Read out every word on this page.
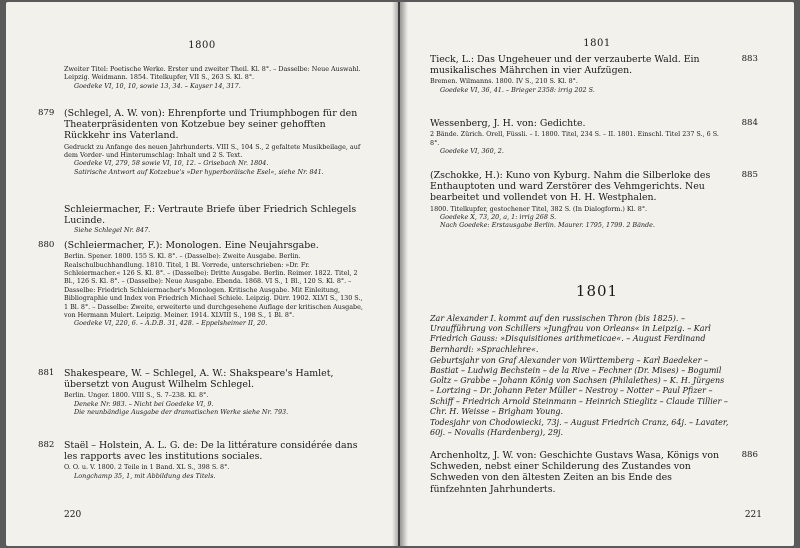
1800

Zweiter Titel: Poetische Werke. Erster und zweiter Theil. Kl. 8°. – Dasselbe: Neue Auswahl. Leipzig. Weidmann. 1854. Titelkupfer, VII S., 263 S. Kl. 8°.

Goedeke VI, 10, 10, sowie 13, 34. – Kayser 14, 317.

879 (Schlegel, A. W. von): Ehrenpforte und Triumphbogen für den Theaterpräsidenten von Kotzebue bey seiner gehofften Rückkehr ins Vaterland.

Gedruckt zu Anfange des neuen Jahrhunderts. VIII S., 104 S., 2 gefaltete Musikbeilage, auf dem Vorder- und Hinterumschlag: Inhalt und 2 S. Text.

Goedeke VI, 279, 58 sowie VI, 10, 12. – Grisebach Nr. 1804.

Satirische Antwort auf Kotzebue's »Der hyperboräische Esel«, siehe Nr. 841.

Schleiermacher, F.: Vertraute Briefe über Friedrich Schlegels Lucinde.

Siehe Schlegel Nr. 847.

880 (Schleiermacher, F.): Monologen. Eine Neujahrsgabe.

Berlin. Spener. 1800. 155 S. Kl. 8°. – (Dasselbe): Zweite Ausgabe. Berlin. Realschulbuchhandlung. 1810. Titel, 1 Bl. Vorrede, unterschrieben: »Dr. Fr. Schleiermacher.« 126 S. Kl. 8°. – (Dasselbe): Dritte Ausgabe. Berlin. Reimer. 1822. Titel, 2 Bl., 126 S. Kl. 8°. – (Dasselbe): Neue Ausgabe. Ebenda. 1868. VI S., 1 Bl., 120 S. Kl. 8°. – Dasselbe: Friedrich Schleiermacher's Monologen. Kritische Ausgabe. Mit Einleitung, Bibliographie und Index von Friedrich Michael Schiele. Leipzig. Dürr. 1902. XLVI S., 130 S., 1 Bl. 8°. – Dasselbe: Zweite, erweiterte und durchgesehene Auflage der kritischen Ausgabe, von Hermann Mulert. Leipzig. Meiner. 1914. XLVIII S., 198 S., 1 Bl. 8°.

Goedeke VI, 220, 6. – A.D.B. 31, 428. – Eppelsheimer II, 20.

881 Shakespeare, W. – Schlegel, A. W.: Shakspeare's Hamlet, übersetzt von August Wilhelm Schlegel.

Berlin. Unger. 1800. VIII S., S. 7–238. Kl. 8°.

Deneke Nr. 983. – Nicht bei Goedeke VI, 9.

Die neunbändige Ausgabe der dramatischen Werke siehe Nr. 793.

882 Staël – Holstein, A. L. G. de: De la littérature considérée dans les rapports avec les institutions sociales.

O. O. u. V. 1800. 2 Teile in 1 Band. XL S., 398 S. 8°.

Longchamp 35, 1, mit Abbildung des Titels.

220
1801
883

Tieck, L.: Das Ungeheuer und der verzauberte Wald. Ein musikalisches Mährchen in vier Aufzügen.

Bremen. Wilmanns. 1800. IV S., 210 S. Kl. 8°.

Goedeke VI, 36, 41. – Brieger 2358: irrig 202 S.

884

Wessenberg, J. H. von: Gedichte.

2 Bände. Zürich. Orell, Füssli. – I. 1800. Titel, 234 S. – II. 1801. Einschl. Titel 237 S., 6 S. 8°.

Goedeke VI, 360, 2.

885

(Zschokke, H.): Kuno von Kyburg. Nahm die Silberloke des Enthauptoten und ward Zerstörer des Vehmgerichts. Neu bearbeitet und vollendet von H. H. Westphalen.

1800. Titelkupfer, gestochener Titel, 382 S. (In Dialogform.) Kl. 8°.

Goedeke X, 73, 20, a, 1: irrig 268 S.

Nach Goedeke: Erstausgabe Berlin. Maurer. 1795, 1799. 2 Bände.

1801

Zar Alexander I. kommt auf den russischen Thron (bis 1825). – Uraufführung von Schillers »Jungfrau von Orleans« in Leipzig. – Karl Friedrich Gauss: »Disquisitiones arithmeticae«. – August Ferdinand Bernhardi: »Sprachlehre«.

Geburtsjahr von Graf Alexander von Württemberg – Karl Baedeker – Bastiat – Ludwig Bechstein – de la Rive – Fechner (Dr. Mises) – Bogumil Goltz – Grabbe – Johann König von Sachsen (Philalethes) – K. H. Jürgens – Lortzing – Dr. Johann Peter Müller – Nestroy – Notter – Paul Pfizer – Schiff – Friedrich Arnold Steinmann – Heinrich Stieglitz – Claude Tillier – Chr. H. Weisse – Brigham Young.

Todesjahr von Chodowiecki, 73j. – August Friedrich Cranz, 64j. – Lavater, 60j. – Novalis (Hardenberg), 29j.

886

Archenholtz, J. W. von: Geschichte Gustavs Wasa, Königs von Schweden, nebst einer Schilderung des Zustandes von Schweden von den ältesten Zeiten an bis Ende des fünfzehnten Jahrhunderts.

221
